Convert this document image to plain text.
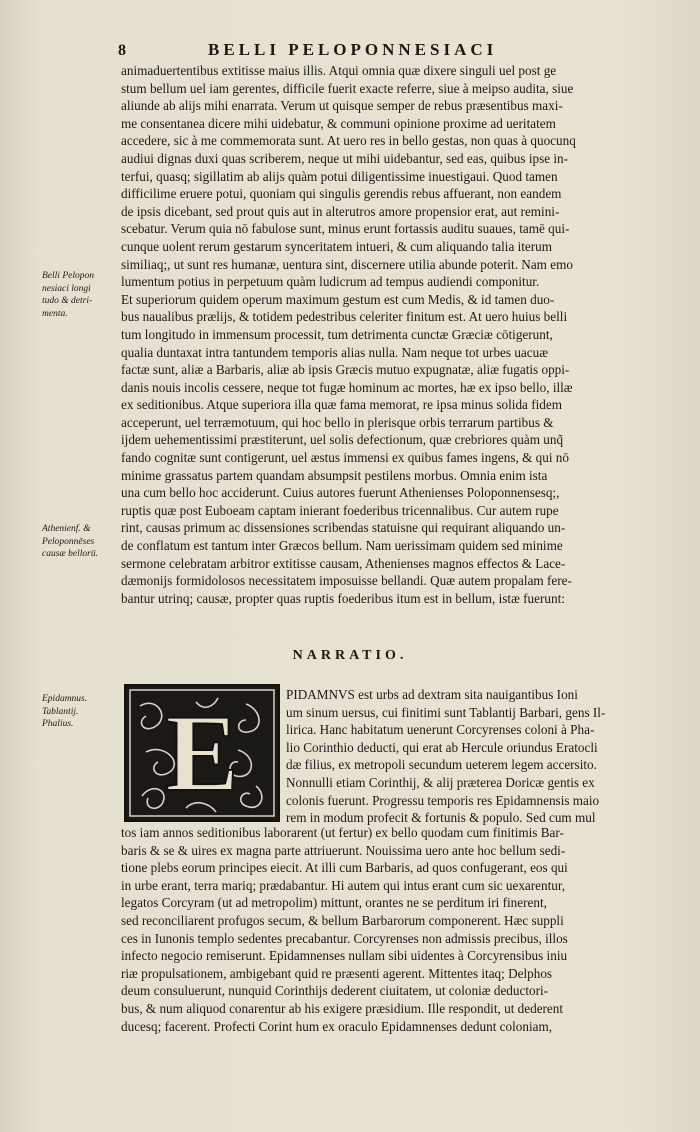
8	BELLI PELOPONNESIACI
animaduertentibus extitisse maius illis. Atqui omnia quæ dixere singuli uel post ge
stum bellum uel iam gerentes, difficile fuerit exacte referre, siue à meipso audita, siue
aliunde ab alijs mihi enarrata. Verum ut quisque semper de rebus præsentibus maxi-
me consentanea dicere mihi uidebatur, & communi opinione proxime ad ueritatem
accedere, sic à me commemorata sunt. At uero res in bello gestas, non quas à quocunq
audiui dignas duxi quas scriberem, neque ut mihi uidebantur, sed eas, quibus ipse in-
terfui, quasq; sigillatim ab alijs quàm potui diligentissime inuestigaui. Quod tamen
difficilime eruere potui, quoniam qui singulis gerendis rebus affuerant, non eandem
de ipsis dicebant, sed prout quis aut in alterutros amore propensior erat, aut remini-
scebatur. Verum quia nō fabulose sunt, minus erunt fortassis auditu suaues, tamē qui-
cunque uolent rerum gestarum synceritatem intueri, & cum aliquando talia iterum
similiaq;, ut sunt res humanæ, uentura sint, discernere utilia abunde poterit. Nam emo
lumentum potius in perpetuum quàm ludicrum ad tempus audiendi componitur.
Et superiorum quidem operum maximum gestum est cum Medis, & id tamen duo-
bus naualibus prælijs, & totidem pedestribus celeriter finitum est. At uero huius belli
tum longitudo in immensum processit, tum detrimenta cunctæ Græciæ cōtigerunt,
qualia duntaxat intra tantundem temporis alias nulla. Nam neque tot urbes uacuæ
factæ sunt, aliæ a Barbaris, aliæ ab ipsis Græcis mutuo expugnatæ, aliæ fugatis oppi-
danis nouis incolis cessere, neque tot fugæ hominum ac mortes, hæ ex ipso bello, illæ
ex seditionibus. Atque superiora illa quæ fama memorat, re ipsa minus solida fidem
acceperunt, uel terræmotuum, qui hoc bello in plerisque orbis terrarum partibus &
ijdem uehementissimi præstiterunt, uel solis defectionum, quæ crebriores quàm unq̃
fando cognitæ sunt contigerunt, uel æstus immensi ex quibus fames ingens, & qui nō
minime grassatus partem quandam absumpsit pestilens morbus. Omnia enim ista
una cum bello hoc acciderunt. Cuius autores fuerunt Athenienses Poloponnensesq;,
ruptis quæ post Euboeam captam inierant foederibus tricennalibus. Cur autem rupe
rint, causas primum ac dissensiones scribendas statuisne qui requirant aliquando un-
de conflatum est tantum inter Græcos bellum. Nam uerissimam quidem sed minime
sermone celebratam arbitror extitisse causam, Athenienses magnos effectos & Lace-
dæmonijs formidolosos necessitatem imposuisse bellandi. Quæ autem propalam fere-
bantur utrinq; causæ, propter quas ruptis foederibus itum est in bellum, istæ fuerunt:
Belli Pelopon
nesiaci longi
tudo & detri-
menta.
Athenienf. &
Peloponnēses
causæ bellorū.
Epidamnus.
Tablantij.
Phalius.
NARRATIO.
E	PIDAMNVS est urbs ad dextram sita nauigantibus Ioni
um sinum uersus, cui finitimi sunt Tablantij Barbari, gens Il-
lirica. Hanc habitatum uenerunt Corcyrenses coloni à Pha-
lio Corinthio deducti, qui erat ab Hercule oriundus Eratocli
dæ filius, ex metropoli secundum ueterem legem accersito.
Nonnulli etiam Corinthij, & alij præterea Doricæ gentis ex
colonis fuerunt. Progressu temporis res Epidamnensis maio
rem in modum profecit & fortunis & populo. Sed cum mul
tos iam annos seditionibus laborarent (ut fertur) ex bello quodam cum finitimis Bar-
baris & se & uires ex magna parte attriuerunt. Nouissima uero ante hoc bellum sedi-
tione plebs eorum principes eiecit. At illi cum Barbaris, ad quos confugerant, eos qui
in urbe erant, terra mariq; prædabantur. Hi autem qui intus erant cum sic uexarentur,
legatos Corcyram (ut ad metropolim) mittunt, orantes ne se perditum iri finerent,
sed reconciliarent profugos secum, & bellum Barbarorum componerent. Hæc suppli
ces in Iunonis templo sedentes precabantur. Corcyrenses non admissis precibus, illos
infecto negocio remiserunt. Epidamnenses nullam sibi uidentes à Corcyrensibus iniu
riæ propulsationem, ambigebant quid re præsenti agerent. Mittentes itaq; Delphos
deum consuluerunt, nunquid Corinthijs dederent ciuitatem, ut coloniæ deductori-
bus, & num aliquod conarentur ab his exigere præsidium. Ille respondit, ut dederent
ducesq; facerent. Profecti Corint hum ex oraculo Epidamnenses dedunt coloniam,
